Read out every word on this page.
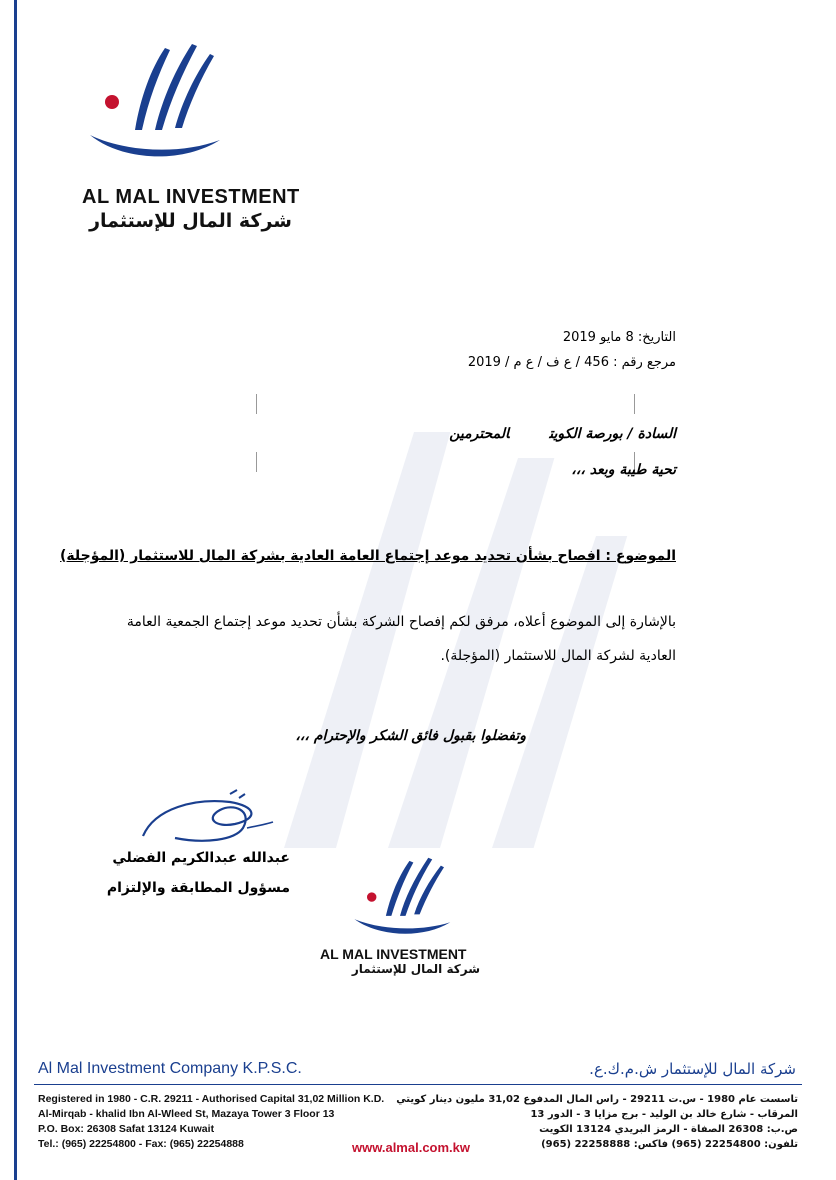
AL MAL INVESTMENT
شركة المال للإستثمار
التاريخ: 8 مايو 2019
مرجع رقم : 456 / ع ف / ع م / 2019
السادة / بورصة الكويتالمحترمين
تحية طيبة وبعد ،،،
الموضوع : افصاح بشأن تحديد موعد إجتماع العامة العادية بشركة المال للاستثمار (المؤجلة)
بالإشارة إلى الموضوع أعلاه، مرفق لكم إفصاح الشركة بشأن تحديد موعد إجتماع الجمعية العامة العادية لشركة المال للاستثمار (المؤجلة).
وتفضلوا بقبول فائق الشكر والإحترام ،،،
عبدالله عبدالكريم الفضلي
مسؤول المطابقة والإلتزام
AL MAL INVESTMENT
شركة المال للإستثمار
Al Mal Investment Company K.P.S.C.	شركة المال للإستثمار ش.م.ك.ع.
Registered in 1980 - C.R. 29211 - Authorised Capital 31,02 Million K.D.
Al-Mirqab - khalid Ibn Al-Wleed St, Mazaya Tower 3 Floor 13
P.O. Box: 26308 Safat 13124 Kuwait
Tel.: (965) 22254800 - Fax: (965) 22254888
تاسست عام 1980 - س.ت 29211 - راس المال المدفوع 31,02 مليون دينار كويتي
المرقاب - شارع خالد بن الوليد - برج مزايا 3 - الدور 13
ص.ب: 26308 الصفاة - الرمز البريدي 13124 الكويت
تلفون: 22254800 (965) فاكس: 22258888 (965)
www.almal.com.kw
